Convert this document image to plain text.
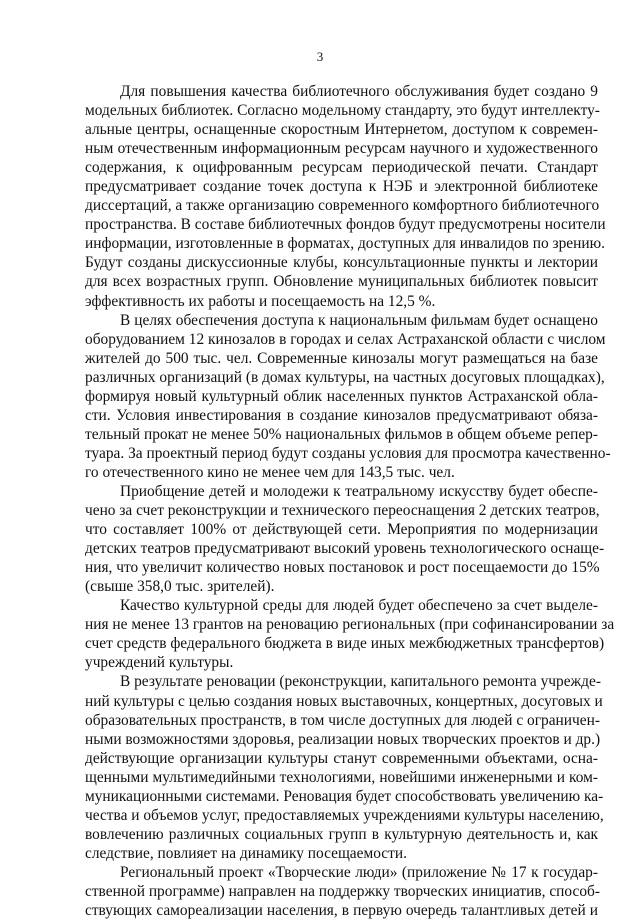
3
Для повышения качества библиотечного обслуживания будет создано 9
модельных библиотек. Согласно модельному стандарту, это будут интеллекту-
альные центры, оснащенные скоростным Интернетом, доступом к современ-
ным отечественным информационным ресурсам научного и художественного
содержания, к оцифрованным ресурсам периодической печати. Стандарт
предусматривает создание точек доступа к НЭБ и электронной библиотеке
диссертаций, а также организацию современного комфортного библиотечного
пространства. В составе библиотечных фондов будут предусмотрены носители
информации, изготовленные в форматах, доступных для инвалидов по зрению.
Будут созданы дискуссионные клубы, консультационные пункты и лектории
для всех возрастных групп. Обновление муниципальных библиотек повысит
эффективность их работы и посещаемость на 12,5 %.
В целях обеспечения доступа к национальным фильмам будет оснащено
оборудованием 12 кинозалов в городах и селах Астраханской области с числом
жителей до 500 тыс. чел. Современные кинозалы могут размещаться на базе
различных организаций (в домах культуры, на частных досуговых площадках),
формируя новый культурный облик населенных пунктов Астраханской обла-
сти. Условия инвестирования в создание кинозалов предусматривают обяза-
тельный прокат не менее 50% национальных фильмов в общем объеме репер-
туара. За проектный период будут созданы условия для просмотра качественно-
го отечественного кино не менее чем для 143,5 тыс. чел.
Приобщение детей и молодежи к театральному искусству будет обеспе-
чено за счет реконструкции и технического переоснащения 2 детских театров,
что составляет 100% от действующей сети. Мероприятия по модернизации
детских театров предусматривают высокий уровень технологического оснаще-
ния, что увеличит количество новых постановок и рост посещаемости до 15%
(свыше 358,0 тыс. зрителей).
Качество культурной среды для людей будет обеспечено за счет выделе-
ния не менее 13 грантов на реновацию региональных (при софинансировании за
счет средств федерального бюджета в виде иных межбюджетных трансфертов)
учреждений культуры.
В результате реновации (реконструкции, капитального ремонта учрежде-
ний культуры с целью создания новых выставочных, концертных, досуговых и
образовательных пространств, в том числе доступных для людей с ограничен-
ными возможностями здоровья, реализации новых творческих проектов и др.)
действующие организации культуры станут современными объектами, осна-
щенными мультимедийными технологиями, новейшими инженерными и ком-
муникационными системами. Реновация будет способствовать увеличению ка-
чества и объемов услуг, предоставляемых учреждениями культуры населению,
вовлечению различных социальных групп в культурную деятельность и, как
следствие, повлияет на динамику посещаемости.
Региональный проект «Творческие люди» (приложение № 17 к государ-
ственной программе) направлен на поддержку творческих инициатив, способ-
ствующих самореализации населения, в первую очередь талантливых детей и
